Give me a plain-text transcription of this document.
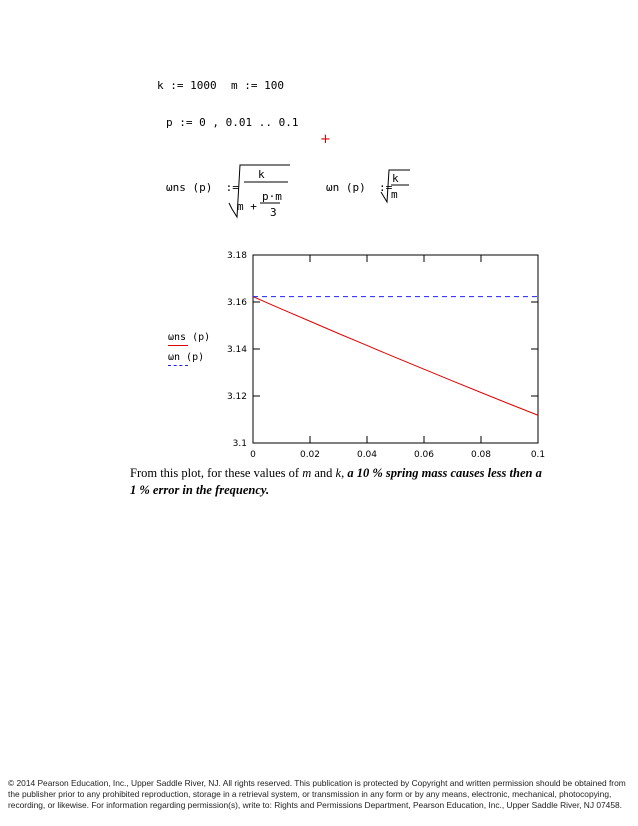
k := 1000 m := 100
p := 0 , 0.01 .. 0.1
+
ωns (p)  :=
k
m +
p·m
3
ωn (p)  :=
k
m
ωns (p)
ωn (p)
0	0.02	0.04	0.06	0.08	0.1
3.18
3.16
3.14
3.12
3.1
From this plot, for these values of m and k, a 10 % spring mass causes less then a 1 % error in the frequency.
© 2014 Pearson Education, Inc., Upper Saddle River, NJ. All rights reserved. This publication is protected by Copyright and written permission should be obtained from the publisher prior to any prohibited reproduction, storage in a retrieval system, or transmission in any form or by any means, electronic, mechanical, photocopying, recording, or likewise. For information regarding permission(s), write to: Rights and Permissions Department, Pearson Education, Inc., Upper Saddle River, NJ 07458.
